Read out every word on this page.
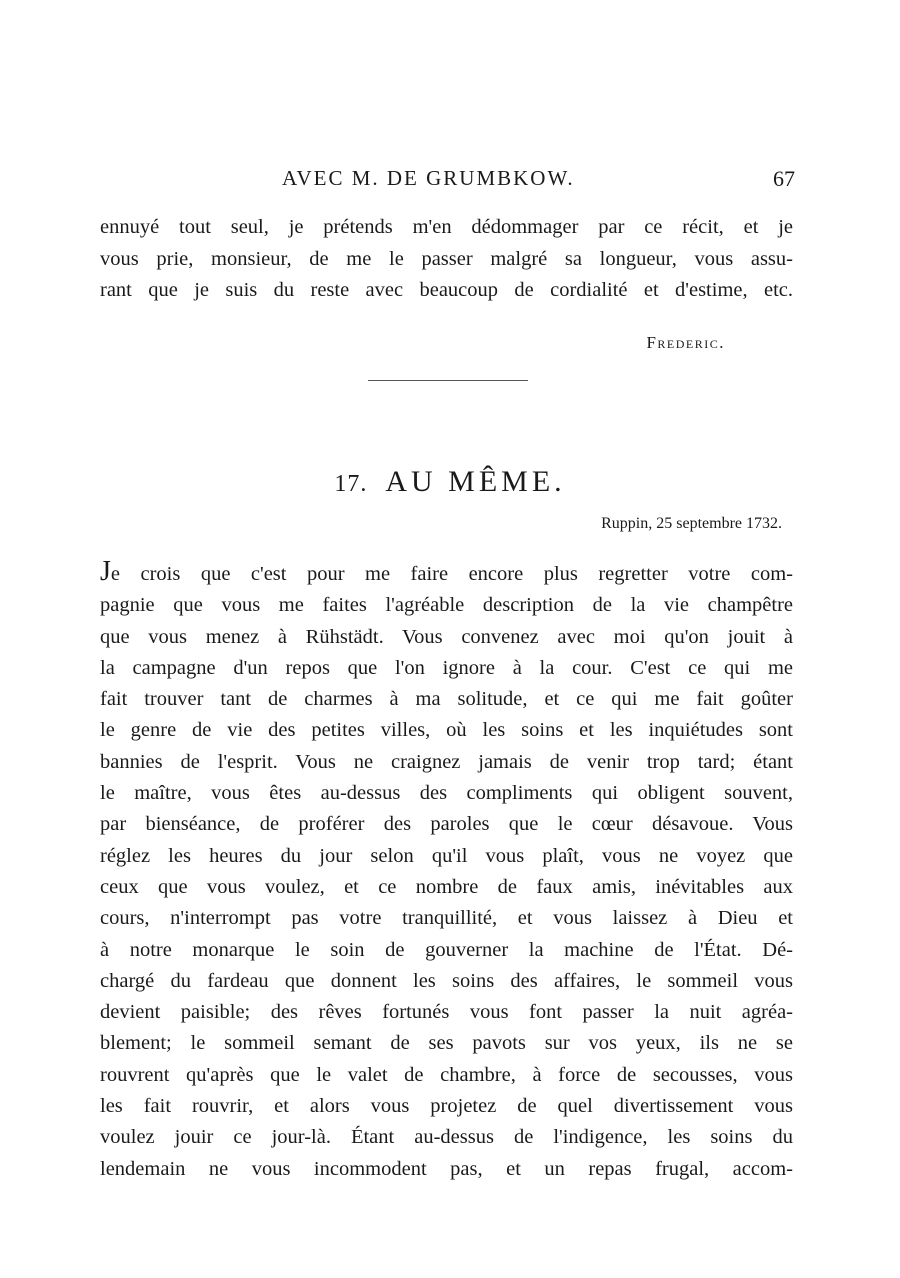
AVEC M. DE GRUMBKOW.	67
ennuyé tout seul, je prétends m'en dédommager par ce récit, et je
vous prie, monsieur, de me le passer malgré sa longueur, vous assu-
rant que je suis du reste avec beaucoup de cordialité et d'estime, etc.
Frederic.
17. AU MÊME.
Ruppin, 25 septembre 1732.
Je crois que c'est pour me faire encore plus regretter votre com-
pagnie que vous me faites l'agréable description de la vie champêtre
que vous menez à Rühstädt. Vous convenez avec moi qu'on jouit à
la campagne d'un repos que l'on ignore à la cour. C'est ce qui me
fait trouver tant de charmes à ma solitude, et ce qui me fait goûter
le genre de vie des petites villes, où les soins et les inquiétudes sont
bannies de l'esprit. Vous ne craignez jamais de venir trop tard; étant
le maître, vous êtes au-dessus des compliments qui obligent souvent,
par bienséance, de proférer des paroles que le cœur désavoue. Vous
réglez les heures du jour selon qu'il vous plaît, vous ne voyez que
ceux que vous voulez, et ce nombre de faux amis, inévitables aux
cours, n'interrompt pas votre tranquillité, et vous laissez à Dieu et
à notre monarque le soin de gouverner la machine de l'État. Dé-
chargé du fardeau que donnent les soins des affaires, le sommeil vous
devient paisible; des rêves fortunés vous font passer la nuit agréa-
blement; le sommeil semant de ses pavots sur vos yeux, ils ne se
rouvrent qu'après que le valet de chambre, à force de secousses, vous
les fait rouvrir, et alors vous projetez de quel divertissement vous
voulez jouir ce jour-là. Étant au-dessus de l'indigence, les soins du
lendemain ne vous incommodent pas, et un repas frugal, accom-
